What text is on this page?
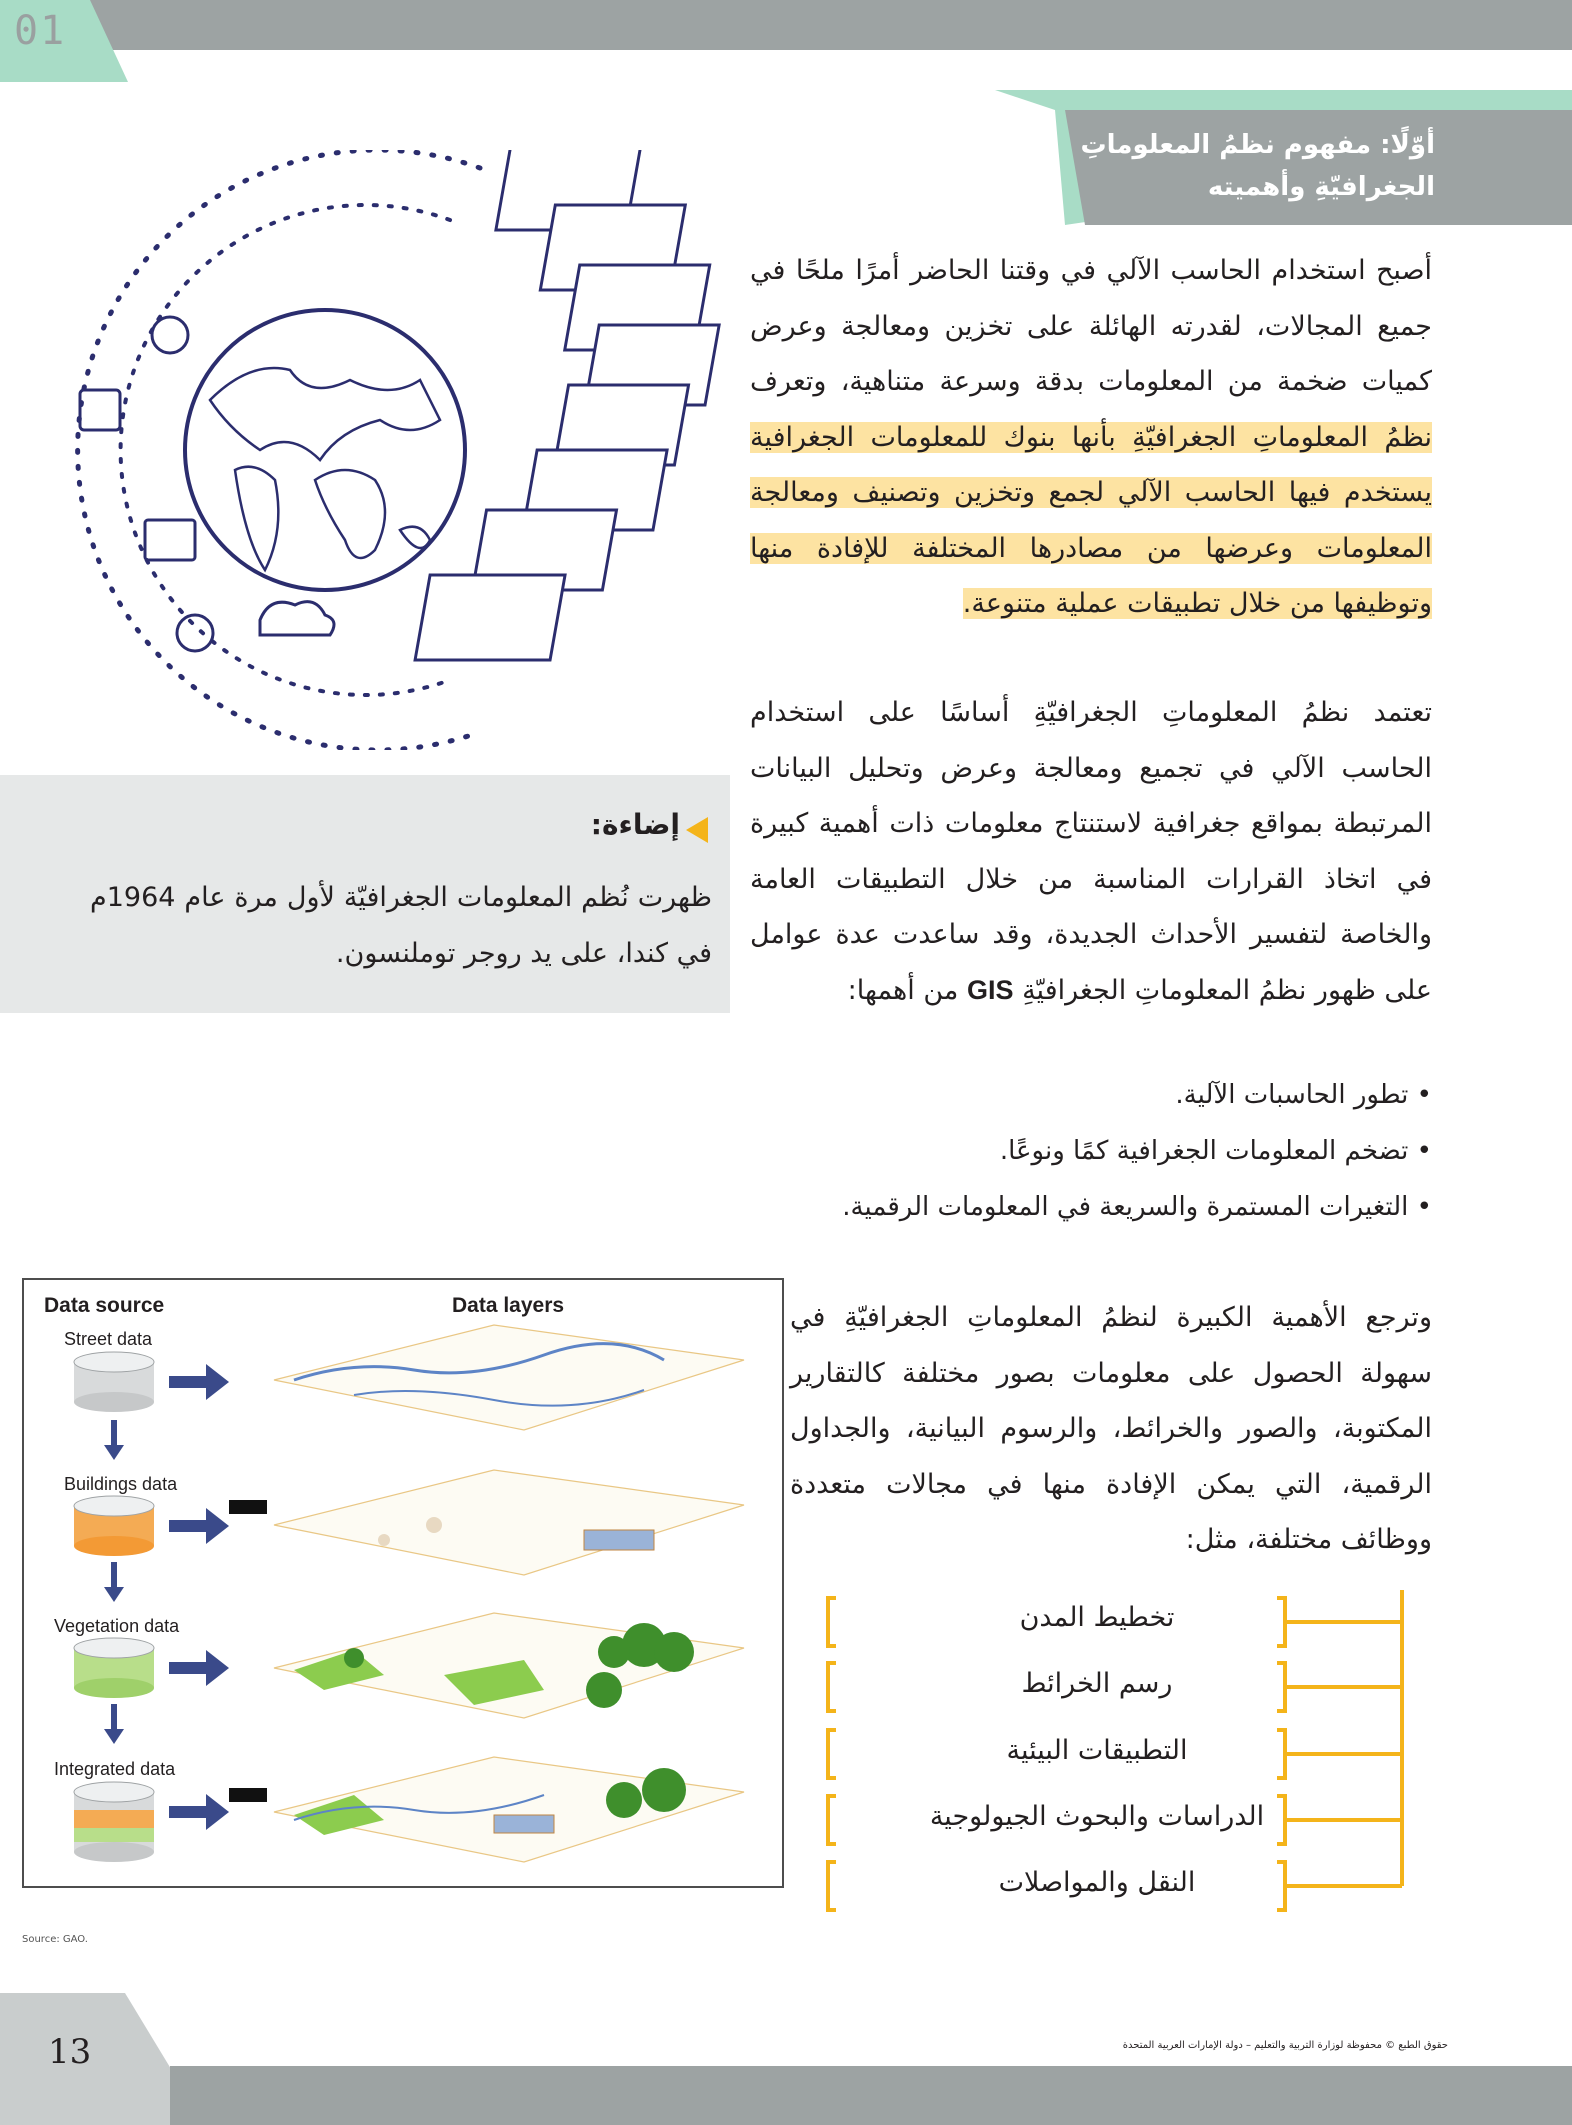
01
أوّلًا: مفهوم نظمُ المعلوماتِ الجغرافيّةِ وأهميته
أصبح استخدام الحاسب الآلي في وقتنا الحاضر أمرًا ملحًا في جميع المجالات، لقدرته الهائلة على تخزين ومعالجة وعرض كميات ضخمة من المعلومات بدقة وسرعة متناهية، وتعرف نظمُ المعلوماتِ الجغرافيّةِ بأنها بنوك للمعلومات الجغرافية يستخدم فيها الحاسب الآلي لجمع وتخزين وتصنيف ومعالجة المعلومات وعرضها من مصادرها المختلفة للإفادة منها وتوظيفها من خلال تطبيقات عملية متنوعة.
تعتمد نظمُ المعلوماتِ الجغرافيّةِ أساسًا على استخدام الحاسب الآلي في تجميع ومعالجة وعرض وتحليل البيانات المرتبطة بمواقع جغرافية لاستنتاج معلومات ذات أهمية كبيرة في اتخاذ القرارات المناسبة من خلال التطبيقات العامة والخاصة لتفسير الأحداث الجديدة، وقد ساعدت عدة عوامل على ظهور نظمُ المعلوماتِ الجغرافيّةِ GIS من أهمها:
• تطور الحاسبات الآلية.
• تضخم المعلومات الجغرافية كمًا ونوعًا.
• التغيرات المستمرة والسريعة في المعلومات الرقمية.
إضاءة:
ظهرت نُظم المعلومات الجغرافيّة لأول مرة عام 1964م في كندا، على يد روجر توملنسون.
وترجع الأهمية الكبيرة لنظمُ المعلوماتِ الجغرافيّةِ في سهولة الحصول على معلومات بصور مختلفة كالتقارير المكتوبة، والصور والخرائط، والرسوم البيانية، والجداول الرقمية، التي يمكن الإفادة منها في مجالات متعددة ووظائف مختلفة، مثل:
Data source	Data layers
Street data
Buildings data
Vegetation data
Integrated data
Source: GAO.
تخطيط المدن
رسم الخرائط
التطبيقات البيئية
الدراسات والبحوث الجيولوجية
النقل والمواصلات
13	حقوق الطبع © محفوظة لوزارة التربية والتعليم – دولة الإمارات العربية المتحدة
